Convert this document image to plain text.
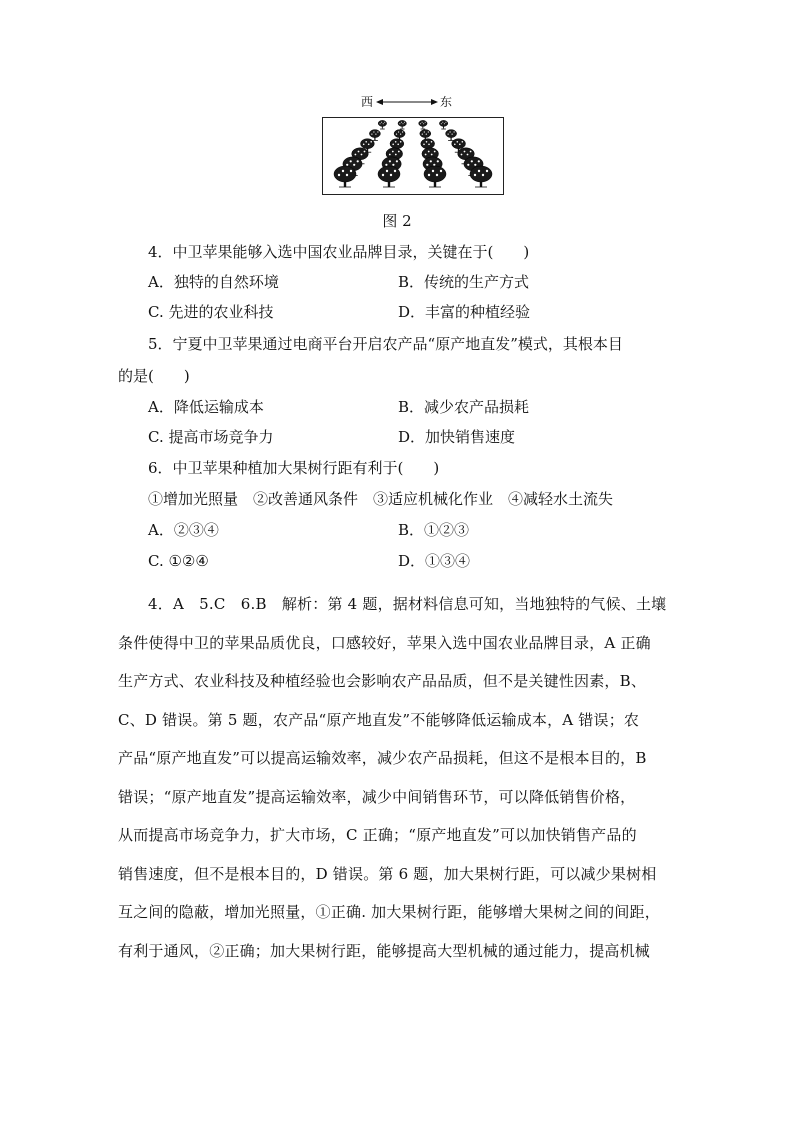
西	东
图 2
4．中卫苹果能够入选中国农业品牌目录，关键在于(　　)
A．独特的自然环境	B．传统的生产方式
C. 先进的农业科技	D．丰富的种植经验
5．宁夏中卫苹果通过电商平台开启农产品“原产地直发”模式，其根本目
的是(　　)
A．降低运输成本	B．减少农产品损耗
C. 提高市场竞争力	D．加快销售速度
6．中卫苹果种植加大果树行距有利于(　　)
①增加光照量　②改善通风条件　③适应机械化作业　④减轻水土流失
A．②③④	B．①②③
C. ①②④	D．①③④

4．A　5.C　6.B　解析：第 4 题，据材料信息可知，当地独特的气候、土壤

条件使得中卫的苹果品质优良，口感较好，苹果入选中国农业品牌目录，A 正确

生产方式、农业科技及种植经验也会影响农产品品质，但不是关键性因素，B、

C、D 错误。第 5 题，农产品“原产地直发”不能够降低运输成本，A 错误；农

产品“原产地直发”可以提高运输效率，减少农产品损耗，但这不是根本目的，B

错误；“原产地直发”提高运输效率，减少中间销售环节，可以降低销售价格，

从而提高市场竞争力，扩大市场，C 正确；“原产地直发”可以加快销售产品的

销售速度，但不是根本目的，D 错误。第 6 题，加大果树行距，可以减少果树相

互之间的隐蔽，增加光照量，①正确. 加大果树行距，能够增大果树之间的间距，

有利于通风，②正确；加大果树行距，能够提高大型机械的通过能力，提高机械
